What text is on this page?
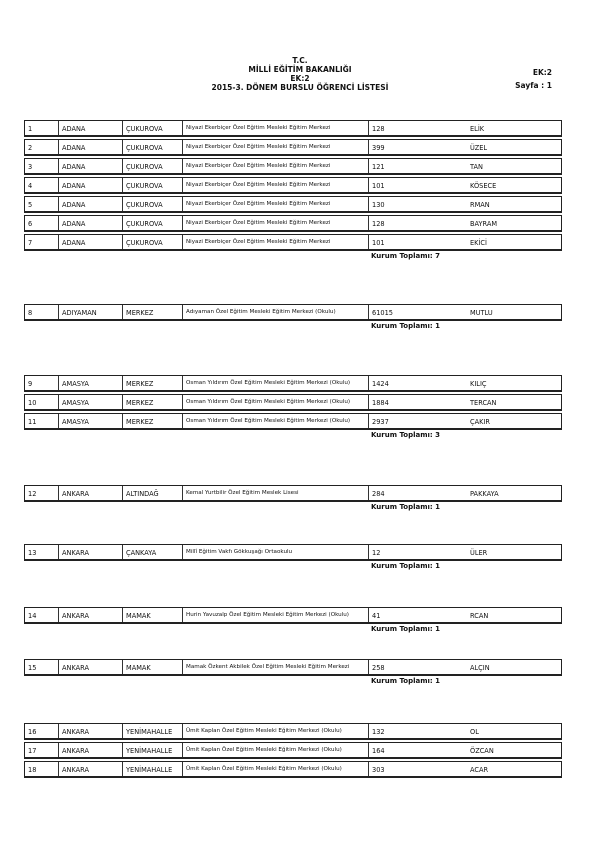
T.C.
MİLLİ EĞİTİM BAKANLIĞI
EK:2
2015-3. DÖNEM BURSLU ÖĞRENCİ LİSTESİ
EK:2
Sayfa : 1
1	ADANA	ÇUKUROVA	Niyazi Ekerbiçer Özel Eğitim Mesleki Eğitim Merkezi	128	ELİK
2	ADANA	ÇUKUROVA	Niyazi Ekerbiçer Özel Eğitim Mesleki Eğitim Merkezi	399	ÜZEL
3	ADANA	ÇUKUROVA	Niyazi Ekerbiçer Özel Eğitim Mesleki Eğitim Merkezi	121	TAN
4	ADANA	ÇUKUROVA	Niyazi Ekerbiçer Özel Eğitim Mesleki Eğitim Merkezi	101	KÖSECE
5	ADANA	ÇUKUROVA	Niyazi Ekerbiçer Özel Eğitim Mesleki Eğitim Merkezi	130	RMAN
6	ADANA	ÇUKUROVA	Niyazi Ekerbiçer Özel Eğitim Mesleki Eğitim Merkezi	128	BAYRAM
7	ADANA	ÇUKUROVA	Niyazi Ekerbiçer Özel Eğitim Mesleki Eğitim Merkezi	101	EKİCİ
Kurum Toplamı: 7
8	ADIYAMAN	MERKEZ	Adıyaman Özel Eğitim Mesleki Eğitim Merkezi (Okulu)	61015	MUTLU
Kurum Toplamı: 1
9	AMASYA	MERKEZ	Osman Yıldırım Özel Eğitim Mesleki Eğitim Merkezi (Okulu)	1424	KILIÇ
10	AMASYA	MERKEZ	Osman Yıldırım Özel Eğitim Mesleki Eğitim Merkezi (Okulu)	1884	TERCAN
11	AMASYA	MERKEZ	Osman Yıldırım Özel Eğitim Mesleki Eğitim Merkezi (Okulu)	2937	ÇAKIR
Kurum Toplamı: 3
12	ANKARA	ALTINDAĞ	Kemal Yurtbilir Özel Eğitim Meslek Lisesi	284	PAKKAYA
Kurum Toplamı: 1
13	ANKARA	ÇANKAYA	Millî Eğitim Vakfı Gökkuşağı Ortaokulu	12	ÜLER
Kurum Toplamı: 1
14	ANKARA	MAMAK	Hurin Yavuzalp Özel Eğitim Mesleki Eğitim Merkezi (Okulu)	41	RCAN
Kurum Toplamı: 1
15	ANKARA	MAMAK	Mamak Özkent Akbilek Özel Eğitim Mesleki Eğitim Merkezi	258	ALÇIN
Kurum Toplamı: 1
16	ANKARA	YENİMAHALLE	Ümit Kaplan Özel Eğitim Mesleki Eğitim Merkezi (Okulu)	132	OL
17	ANKARA	YENİMAHALLE	Ümit Kaplan Özel Eğitim Mesleki Eğitim Merkezi (Okulu)	164	ÖZCAN
18	ANKARA	YENİMAHALLE	Ümit Kaplan Özel Eğitim Mesleki Eğitim Merkezi (Okulu)	303	ACAR
